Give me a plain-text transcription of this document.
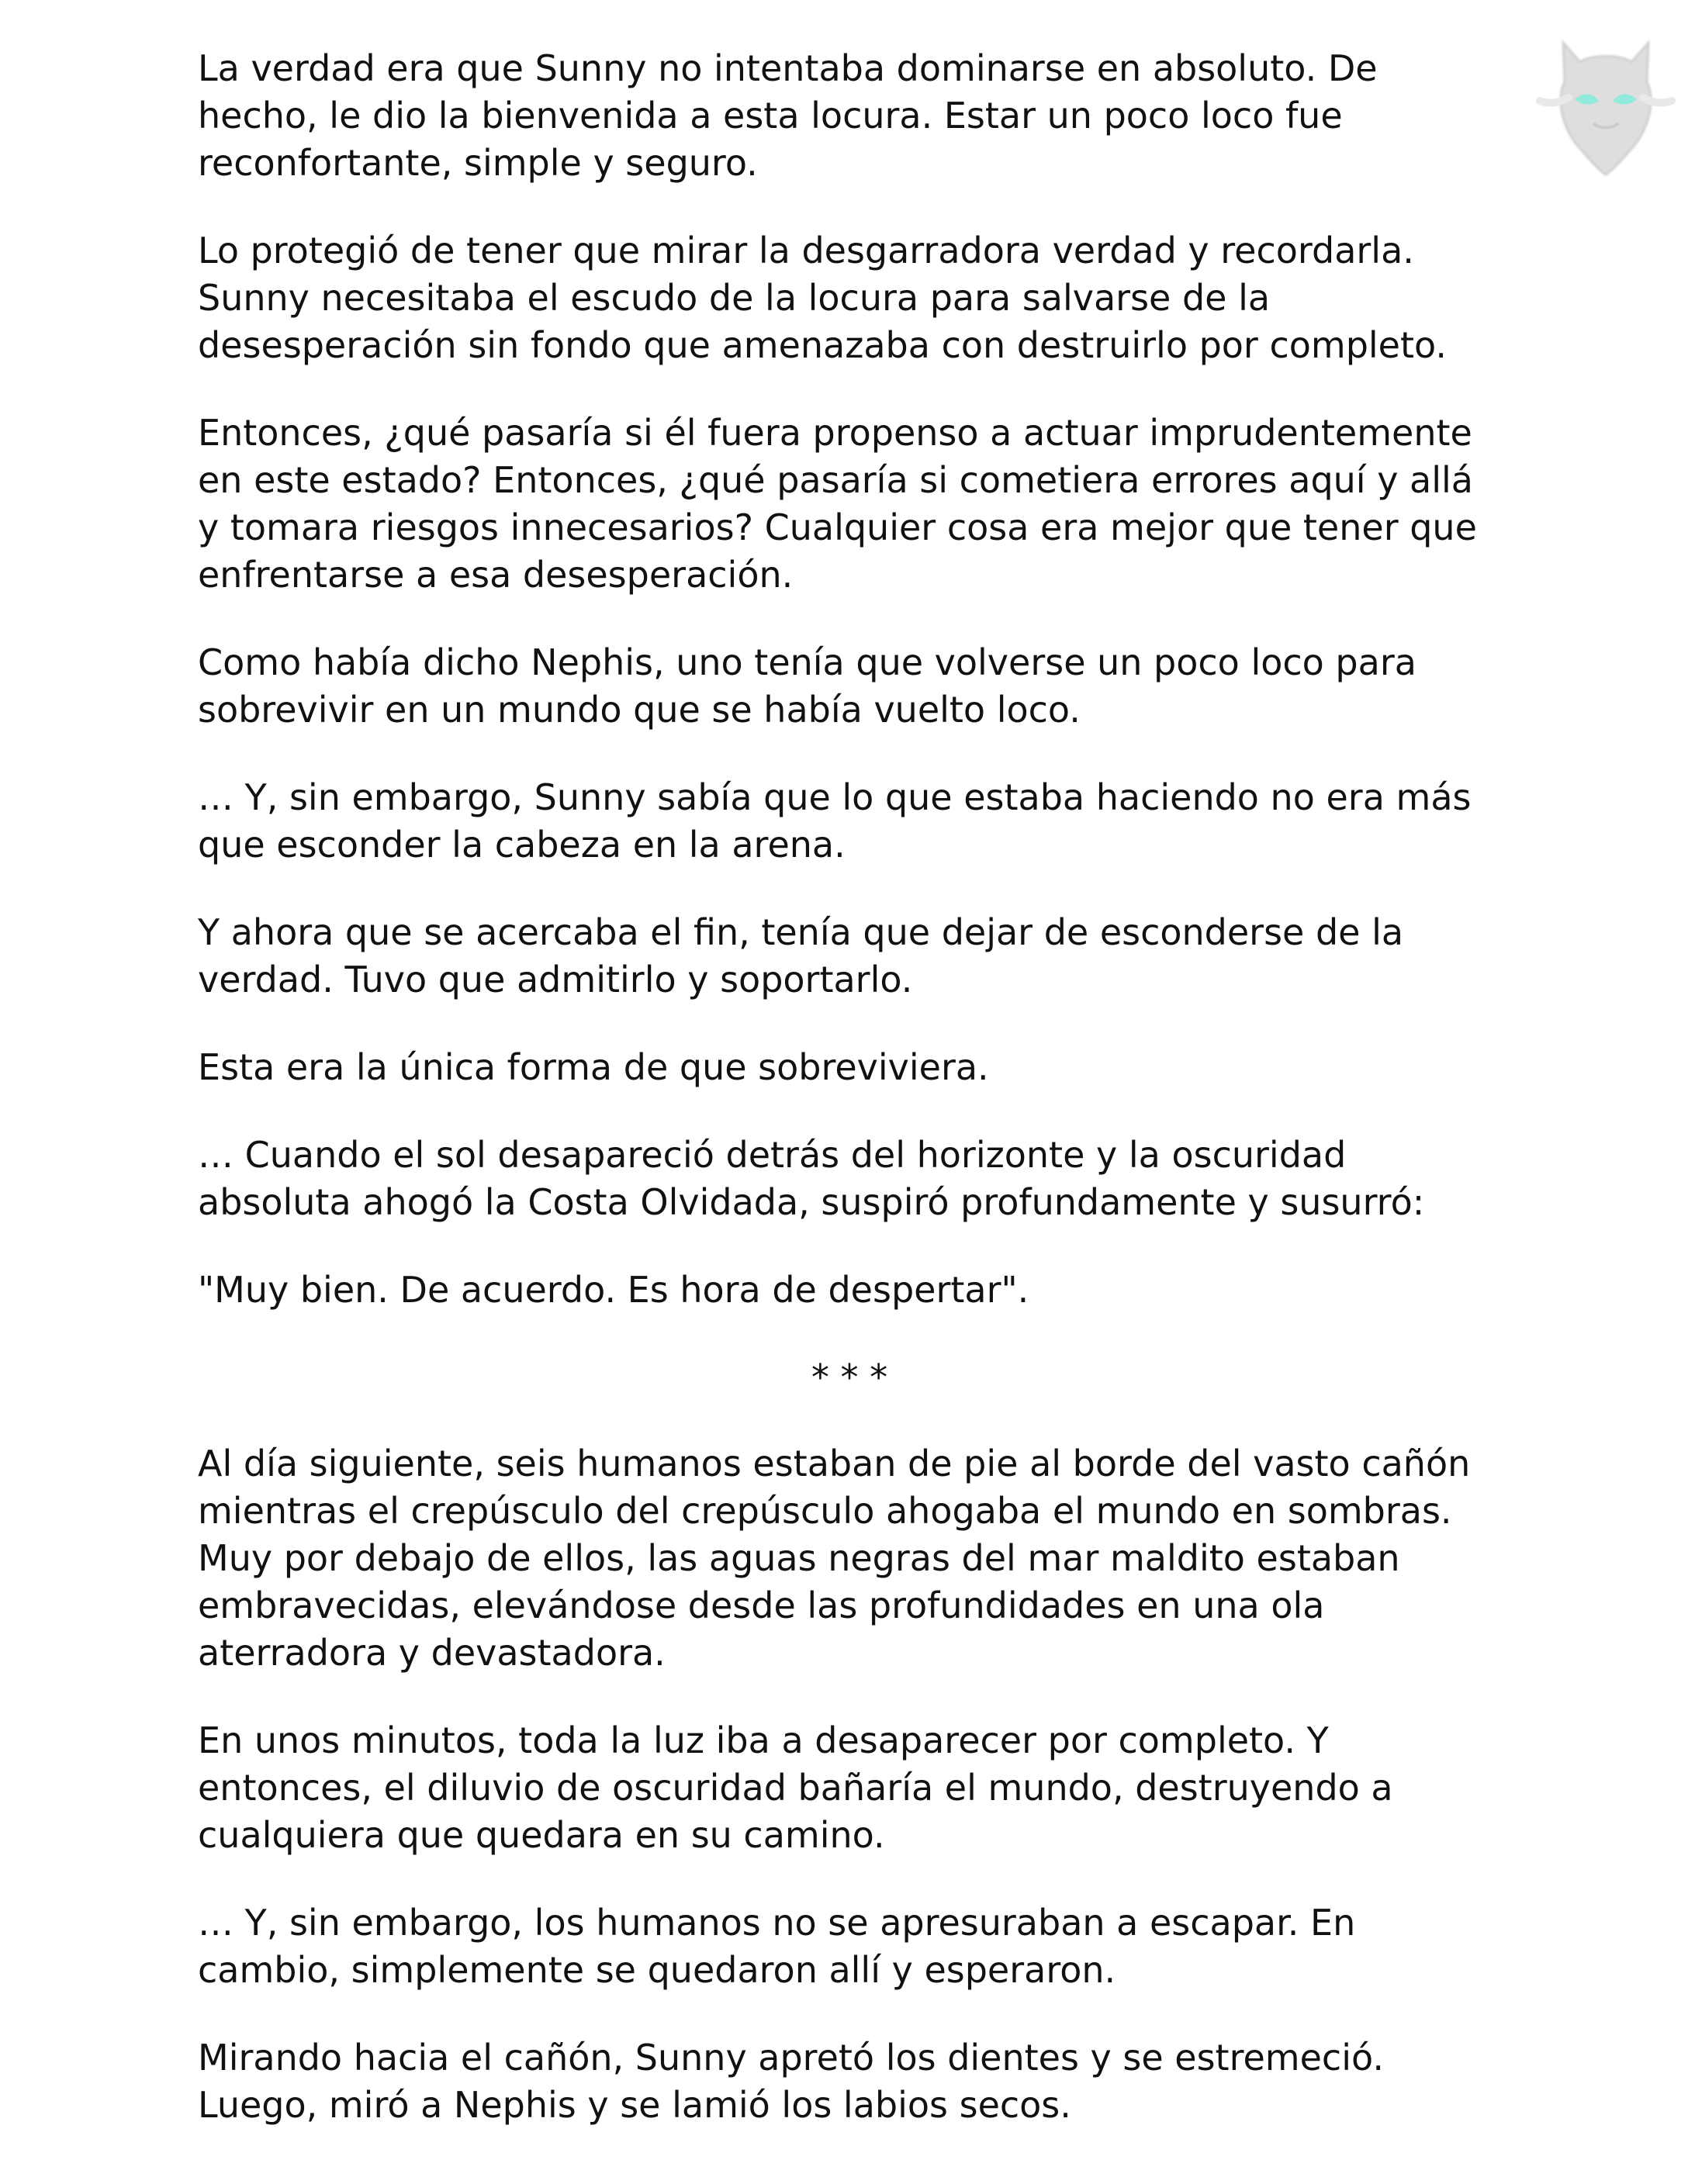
La verdad era que Sunny no intentaba dominarse en absoluto. De hecho, le dio la bienvenida a esta locura. Estar un poco loco fue reconfortante, simple y seguro.

Lo protegió de tener que mirar la desgarradora verdad y recordarla. Sunny necesitaba el escudo de la locura para salvarse de la desesperación sin fondo que amenazaba con destruirlo por completo.

Entonces, ¿qué pasaría si él fuera propenso a actuar imprudentemente en este estado? Entonces, ¿qué pasaría si cometiera errores aquí y allá y tomara riesgos innecesarios? Cualquier cosa era mejor que tener que enfrentarse a esa desesperación.

Como había dicho Nephis, uno tenía que volverse un poco loco para sobrevivir en un mundo que se había vuelto loco.

… Y, sin embargo, Sunny sabía que lo que estaba haciendo no era más que esconder la cabeza en la arena.

Y ahora que se acercaba el fin, tenía que dejar de esconderse de la verdad. Tuvo que admitirlo y soportarlo.

Esta era la única forma de que sobreviviera.

… Cuando el sol desapareció detrás del horizonte y la oscuridad absoluta ahogó la Costa Olvidada, suspiró profundamente y susurró:

"Muy bien. De acuerdo. Es hora de despertar".

* * *

Al día siguiente, seis humanos estaban de pie al borde del vasto cañón mientras el crepúsculo del crepúsculo ahogaba el mundo en sombras. Muy por debajo de ellos, las aguas negras del mar maldito estaban embravecidas, elevándose desde las profundidades en una ola aterradora y devastadora.

En unos minutos, toda la luz iba a desaparecer por completo. Y entonces, el diluvio de oscuridad bañaría el mundo, destruyendo a cualquiera que quedara en su camino.

… Y, sin embargo, los humanos no se apresuraban a escapar. En cambio, simplemente se quedaron allí y esperaron.

Mirando hacia el cañón, Sunny apretó los dientes y se estremeció. Luego, miró a Nephis y se lamió los labios secos.
